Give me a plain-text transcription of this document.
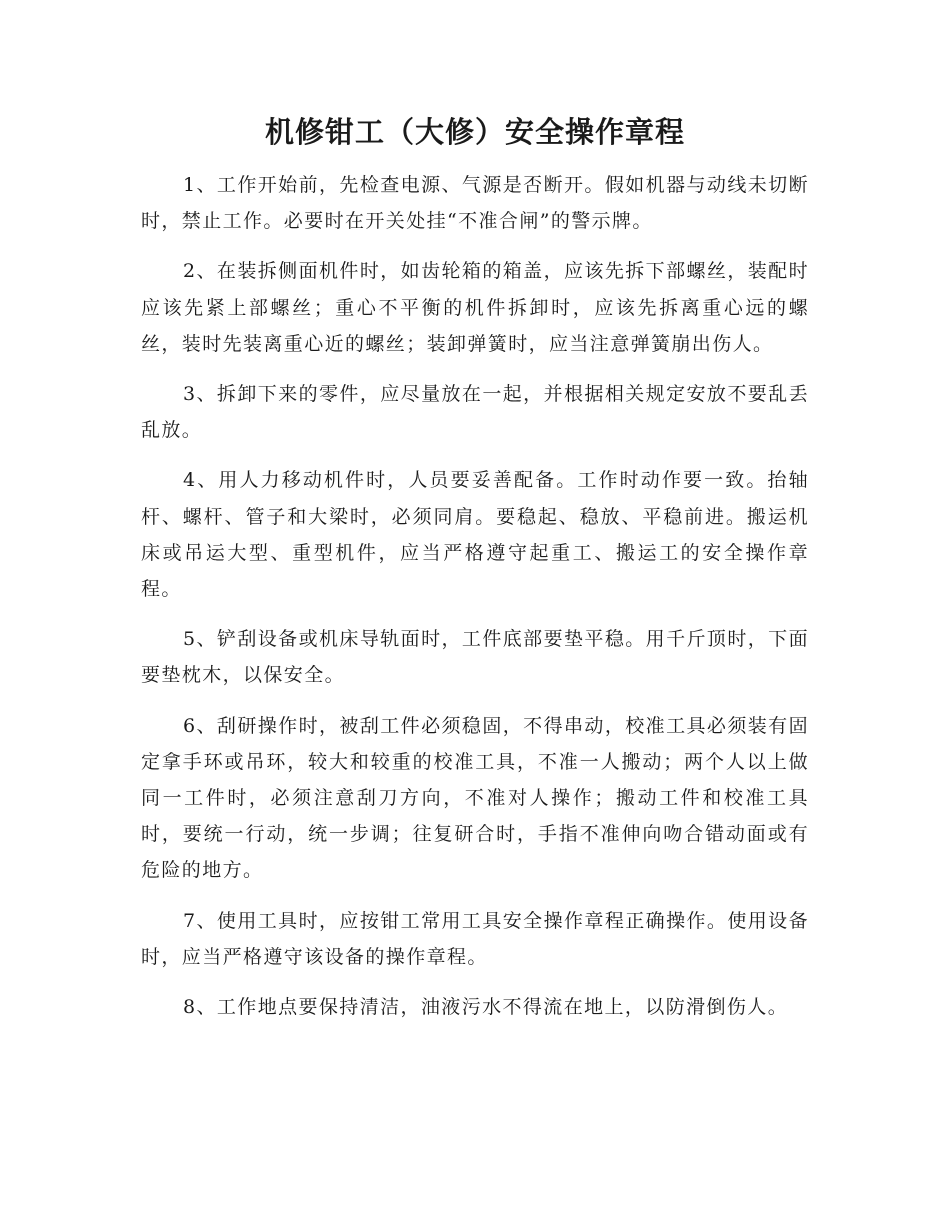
机修钳工（大修）安全操作章程

1、工作开始前，先检查电源、气源是否断开。假如机器与动线未切断时，禁止工作。必要时在开关处挂“不准合闸”的警示牌。

2、在装拆侧面机件时，如齿轮箱的箱盖，应该先拆下部螺丝，装配时应该先紧上部螺丝；重心不平衡的机件拆卸时，应该先拆离重心远的螺丝，装时先装离重心近的螺丝；装卸弹簧时，应当注意弹簧崩出伤人。

3、拆卸下来的零件，应尽量放在一起，并根据相关规定安放不要乱丢乱放。

4、用人力移动机件时，人员要妥善配备。工作时动作要一致。抬轴杆、螺杆、管子和大梁时，必须同肩。要稳起、稳放、平稳前进。搬运机床或吊运大型、重型机件，应当严格遵守起重工、搬运工的安全操作章程。

5、铲刮设备或机床导轨面时，工件底部要垫平稳。用千斤顶时，下面要垫枕木，以保安全。

6、刮研操作时，被刮工件必须稳固，不得串动，校准工具必须装有固定拿手环或吊环，较大和较重的校准工具，不准一人搬动；两个人以上做同一工件时，必须注意刮刀方向，不准对人操作；搬动工件和校准工具时，要统一行动，统一步调；往复研合时，手指不准伸向吻合错动面或有危险的地方。

7、使用工具时，应按钳工常用工具安全操作章程正确操作。使用设备时，应当严格遵守该设备的操作章程。

8、工作地点要保持清洁，油液污水不得流在地上，以防滑倒伤人。
